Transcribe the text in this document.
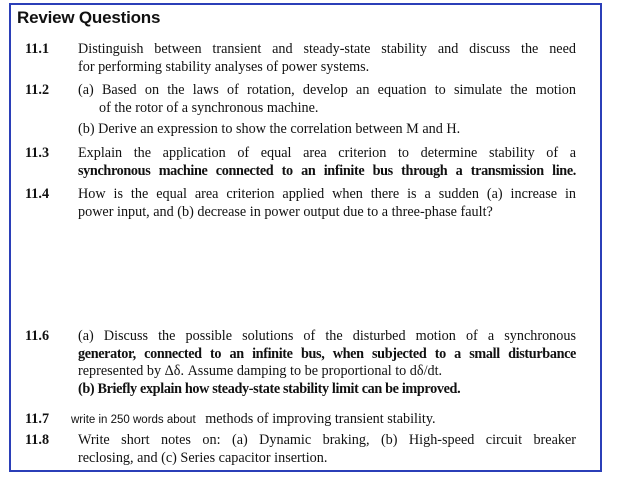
Review Questions
11.1 Distinguish between transient and steady-state stability and discuss the need
for performing stability analyses of power systems.
11.2 (a) Based on the laws of rotation, develop an equation to simulate the motion
of the rotor of a synchronous machine.
(b) Derive an expression to show the correlation between M and H.
11.3 Explain the application of equal area criterion to determine stability of a
synchronous machine connected to an infinite bus through a transmission line.
11.4 How is the equal area criterion applied when there is a sudden (a) increase in
power input, and (b) decrease in power output due to a three-phase fault?
11.6 (a) Discuss the possible solutions of the disturbed motion of a synchronous
generator, connected to an infinite bus, when subjected to a small disturbance
represented by Δδ. Assume damping to be proportional to dδ/dt.
(b) Briefly explain how steady-state stability limit can be improved.
11.7 write in 250 words about methods of improving transient stability.
11.8 Write short notes on: (a) Dynamic braking, (b) High-speed circuit breaker
reclosing, and (c) Series capacitor insertion.
